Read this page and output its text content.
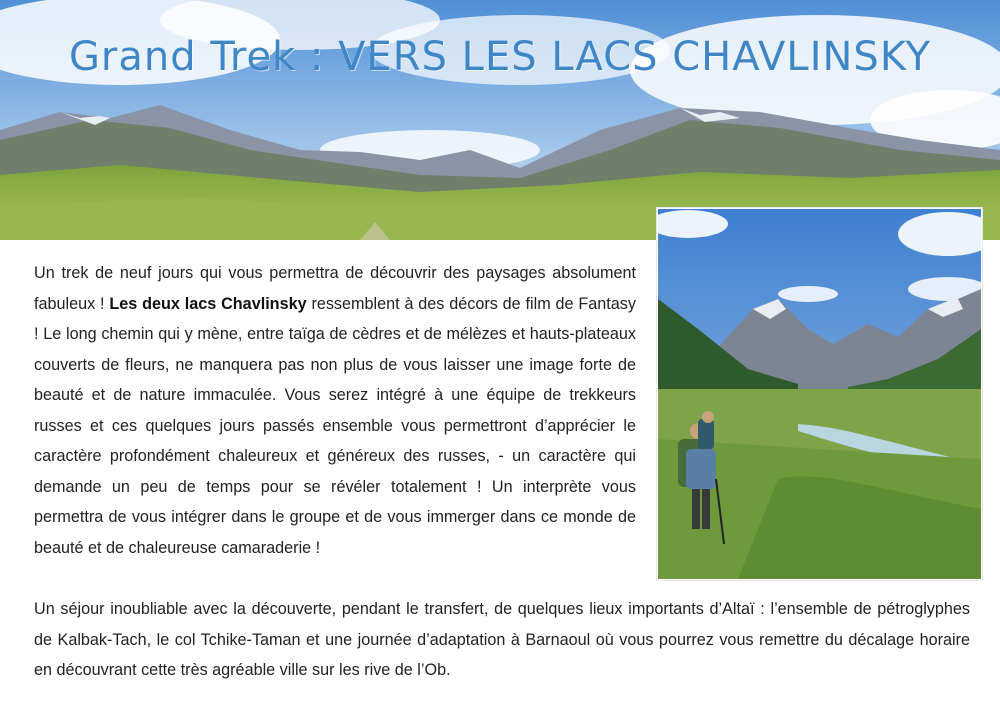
Grand Trek : VERS LES LACS CHAVLINSKY

Un trek de neuf jours qui vous permettra de découvrir des paysages absolument fabuleux ! Les deux lacs Chavlinsky ressemblent à des décors de film de Fantasy ! Le long chemin qui y mène, entre taïga de cèdres et de mélèzes et hauts-plateaux couverts de fleurs, ne manquera pas non plus de vous laisser une image forte de beauté et de nature immaculée. Vous serez intégré à une équipe de trekkeurs russes et ces quelques jours passés ensemble vous permettront d’apprécier le caractère profondément chaleureux et généreux des russes, - un caractère qui demande un peu de temps pour se révéler totalement ! Un interprète vous permettra de vous intégrer dans le groupe et de vous immerger dans ce monde de beauté et de chaleureuse camaraderie !

Un séjour inoubliable avec la découverte, pendant le transfert, de quelques lieux importants d’Altaï : l’ensemble de pétroglyphes de Kalbak-Tach, le col Tchike-Taman et une journée d’adaptation à Barnaoul où vous pourrez vous remettre du décalage horaire en découvrant cette très agréable ville sur les rive de l’Ob.
